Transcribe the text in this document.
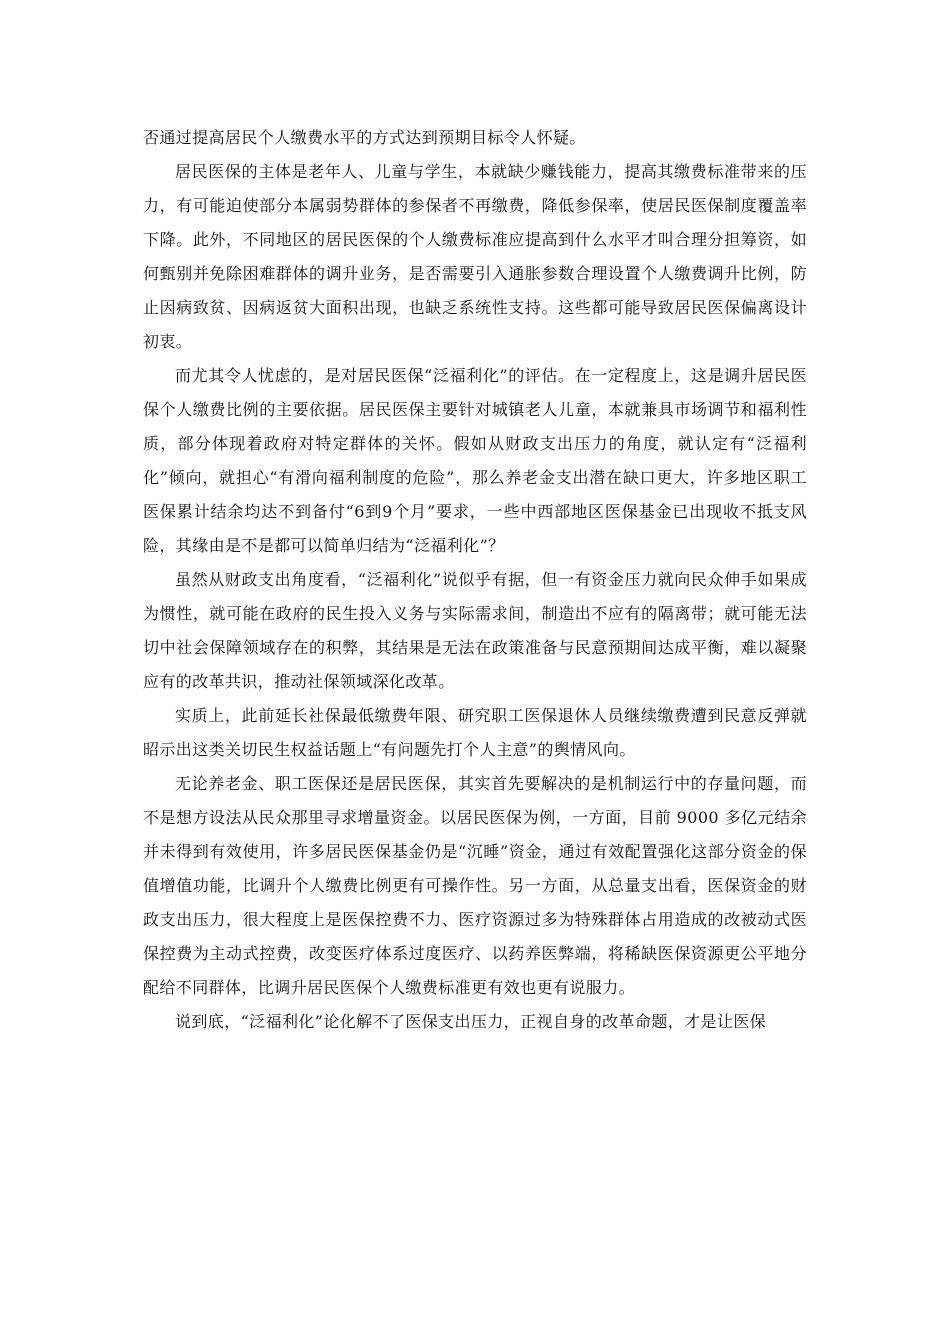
否通过提高居民个人缴费水平的方式达到预期目标令人怀疑。

居民医保的主体是老年人、儿童与学生，本就缺少赚钱能力，提高其缴费标准带来的压力，有可能迫使部分本属弱势群体的参保者不再缴费，降低参保率，使居民医保制度覆盖率下降。此外，不同地区的居民医保的个人缴费标准应提高到什么水平才叫合理分担筹资，如何甄别并免除困难群体的调升业务，是否需要引入通胀参数合理设置个人缴费调升比例，防止因病致贫、因病返贫大面积出现，也缺乏系统性支持。这些都可能导致居民医保偏离设计初衷。

而尤其令人忧虑的，是对居民医保“泛福利化”的评估。在一定程度上，这是调升居民医保个人缴费比例的主要依据。居民医保主要针对城镇老人儿童，本就兼具市场调节和福利性质，部分体现着政府对特定群体的关怀。假如从财政支出压力的角度，就认定有“泛福利化”倾向，就担心“有滑向福利制度的危险”，那么养老金支出潜在缺口更大，许多地区职工医保累计结余均达不到备付“6到9个月”要求，一些中西部地区医保基金已出现收不抵支风险，其缘由是不是都可以简单归结为“泛福利化”？

虽然从财政支出角度看，“泛福利化”说似乎有据，但一有资金压力就向民众伸手如果成为惯性，就可能在政府的民生投入义务与实际需求间，制造出不应有的隔离带；就可能无法切中社会保障领域存在的积弊，其结果是无法在政策准备与民意预期间达成平衡，难以凝聚应有的改革共识，推动社保领域深化改革。

实质上，此前延长社保最低缴费年限、研究职工医保退休人员继续缴费遭到民意反弹就昭示出这类关切民生权益话题上“有问题先打个人主意”的舆情风向。

无论养老金、职工医保还是居民医保，其实首先要解决的是机制运行中的存量问题，而不是想方设法从民众那里寻求增量资金。以居民医保为例，一方面，目前 9000 多亿元结余并未得到有效使用，许多居民医保基金仍是“沉睡”资金，通过有效配置强化这部分资金的保值增值功能，比调升个人缴费比例更有可操作性。另一方面，从总量支出看，医保资金的财政支出压力，很大程度上是医保控费不力、医疗资源过多为特殊群体占用造成的改被动式医保控费为主动式控费，改变医疗体系过度医疗、以药养医弊端，将稀缺医保资源更公平地分配给不同群体，比调升居民医保个人缴费标准更有效也更有说服力。

说到底，“泛福利化”论化解不了医保支出压力，正视自身的改革命题，才是让医保
